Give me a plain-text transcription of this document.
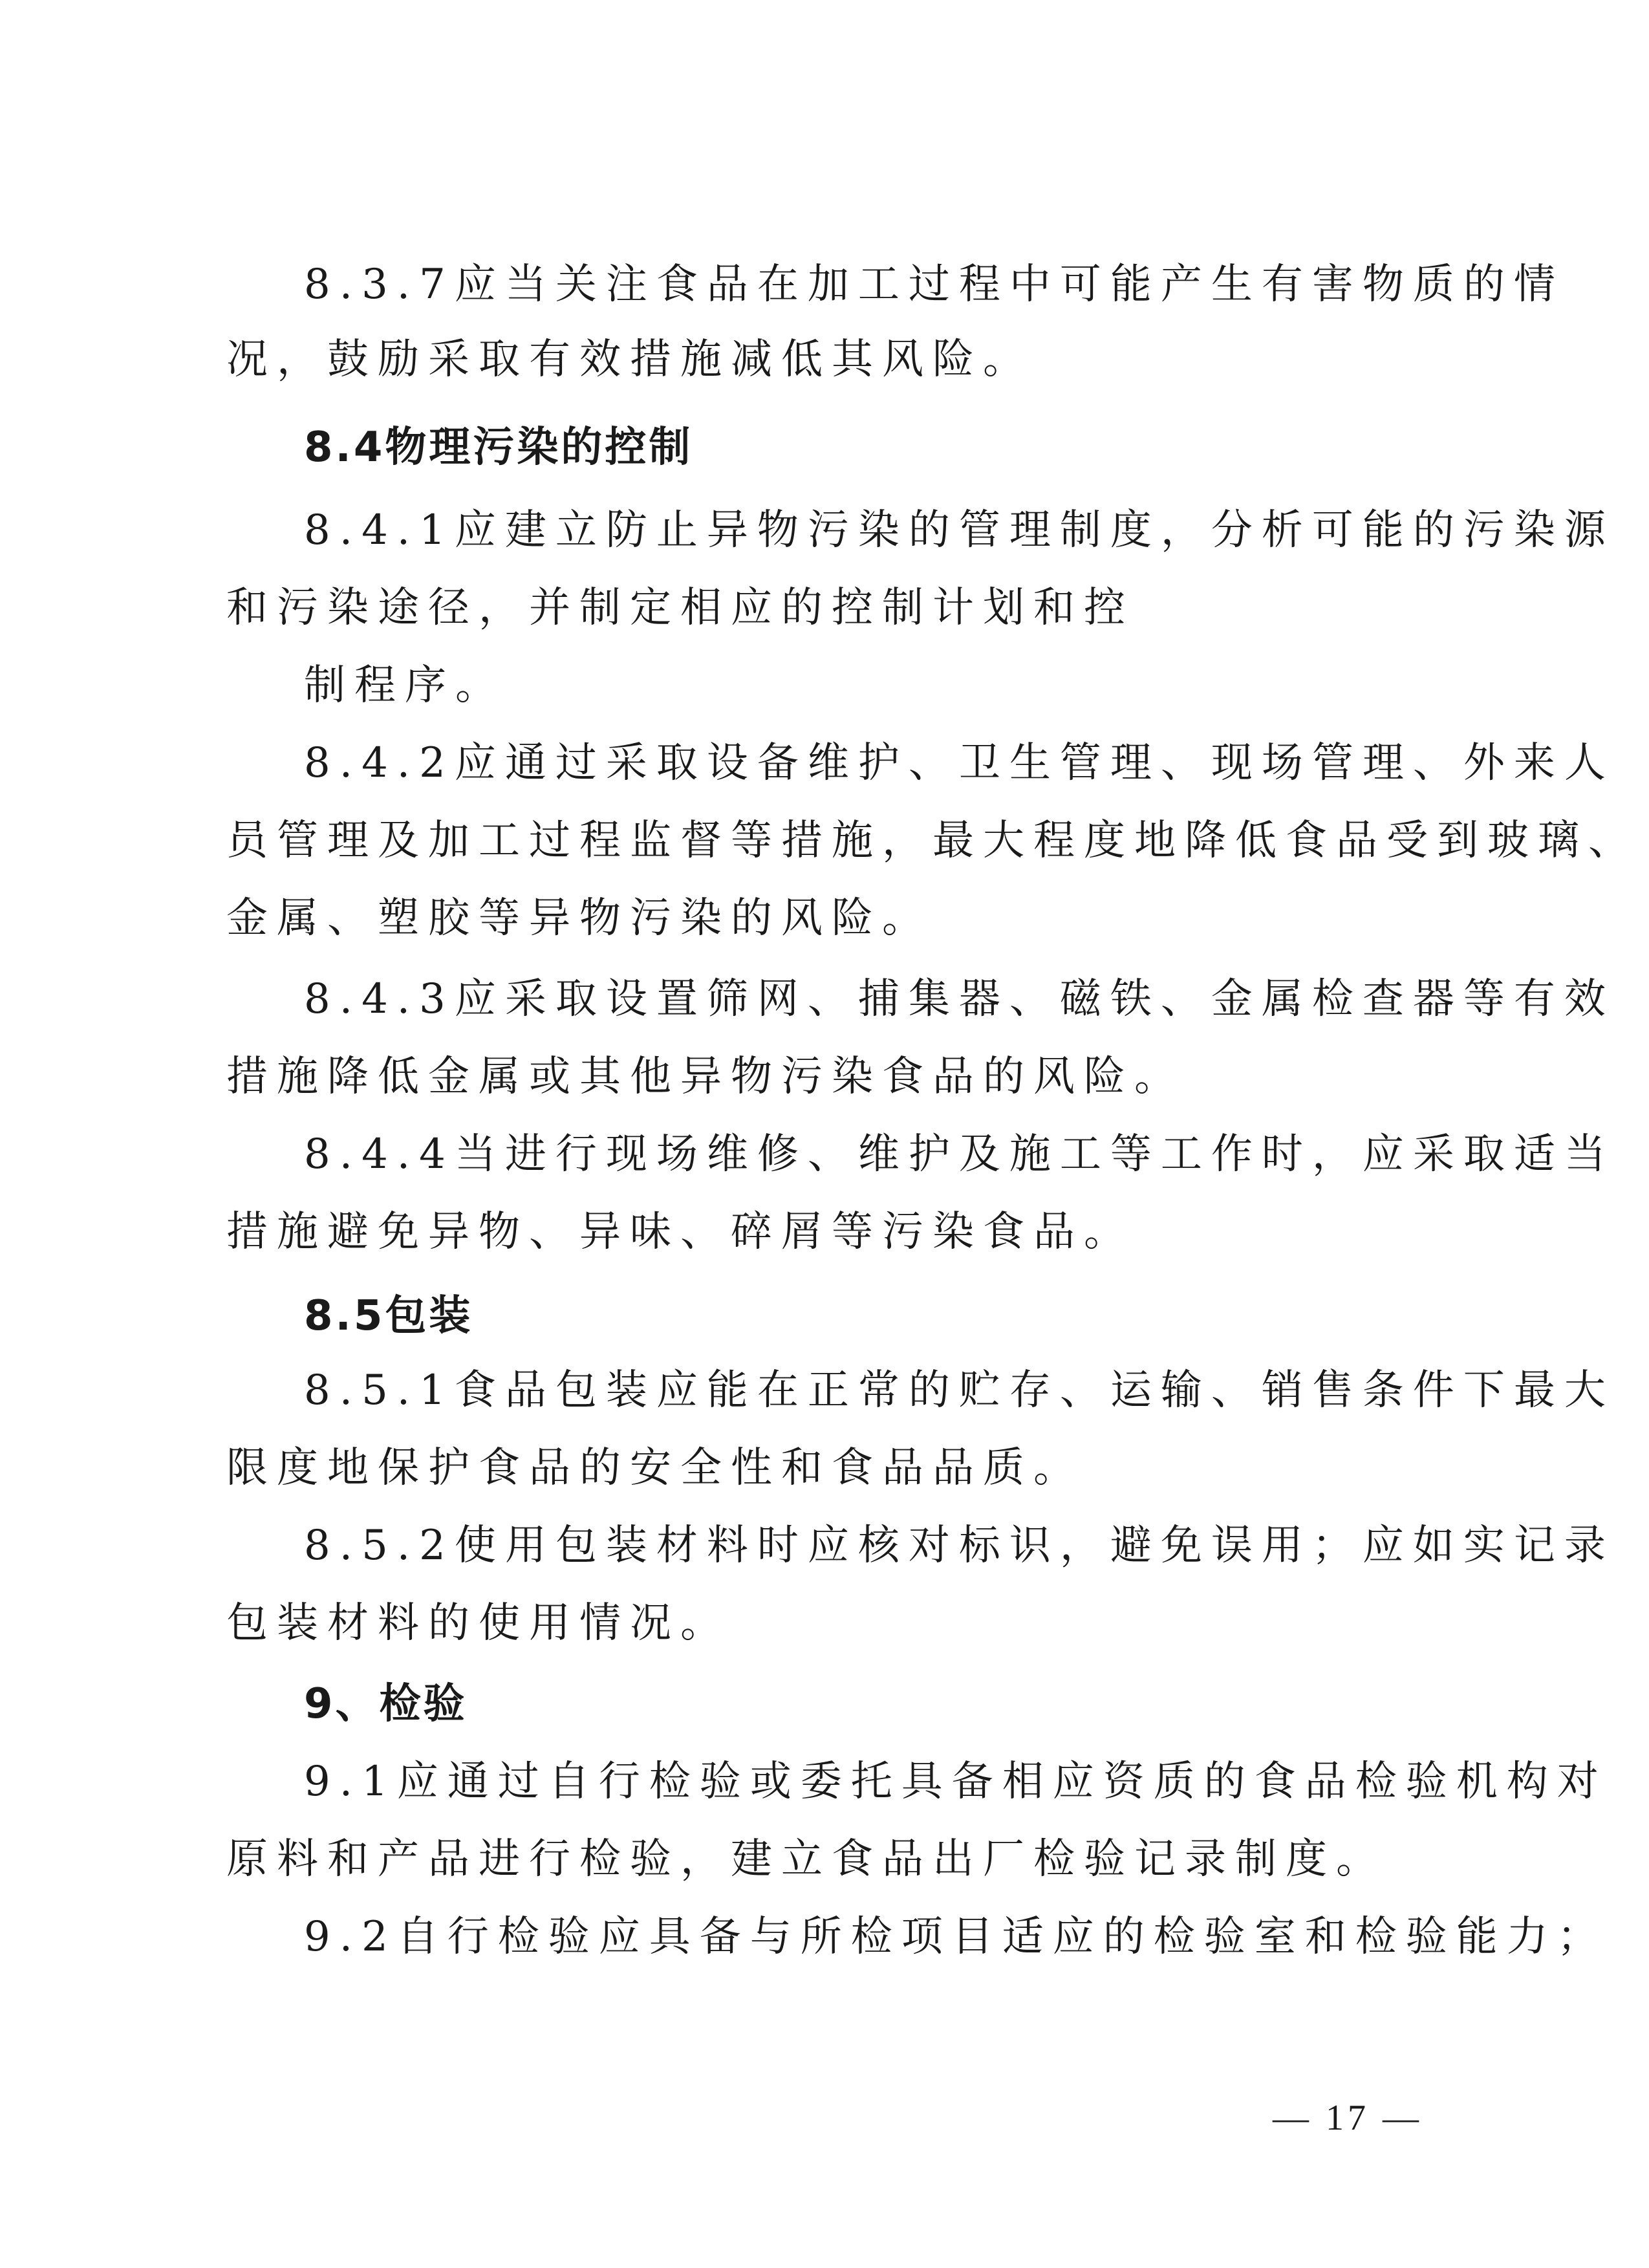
8.3.7应当关注食品在加工过程中可能产生有害物质的情
况，鼓励采取有效措施减低其风险。
8.4物理污染的控制
8.4.1应建立防止异物污染的管理制度，分析可能的污染源
和污染途径，并制定相应的控制计划和控
制程序。
8.4.2应通过采取设备维护、卫生管理、现场管理、外来人
员管理及加工过程监督等措施，最大程度地降低食品受到玻璃、
金属、塑胶等异物污染的风险。
8.4.3应采取设置筛网、捕集器、磁铁、金属检查器等有效
措施降低金属或其他异物污染食品的风险。
8.4.4当进行现场维修、维护及施工等工作时，应采取适当
措施避免异物、异味、碎屑等污染食品。
8.5包装
8.5.1食品包装应能在正常的贮存、运输、销售条件下最大
限度地保护食品的安全性和食品品质。
8.5.2使用包装材料时应核对标识，避免误用；应如实记录
包装材料的使用情况。
9、检验
9.1应通过自行检验或委托具备相应资质的食品检验机构对
原料和产品进行检验，建立食品出厂检验记录制度。
9.2自行检验应具备与所检项目适应的检验室和检验能力；
— 17 —
